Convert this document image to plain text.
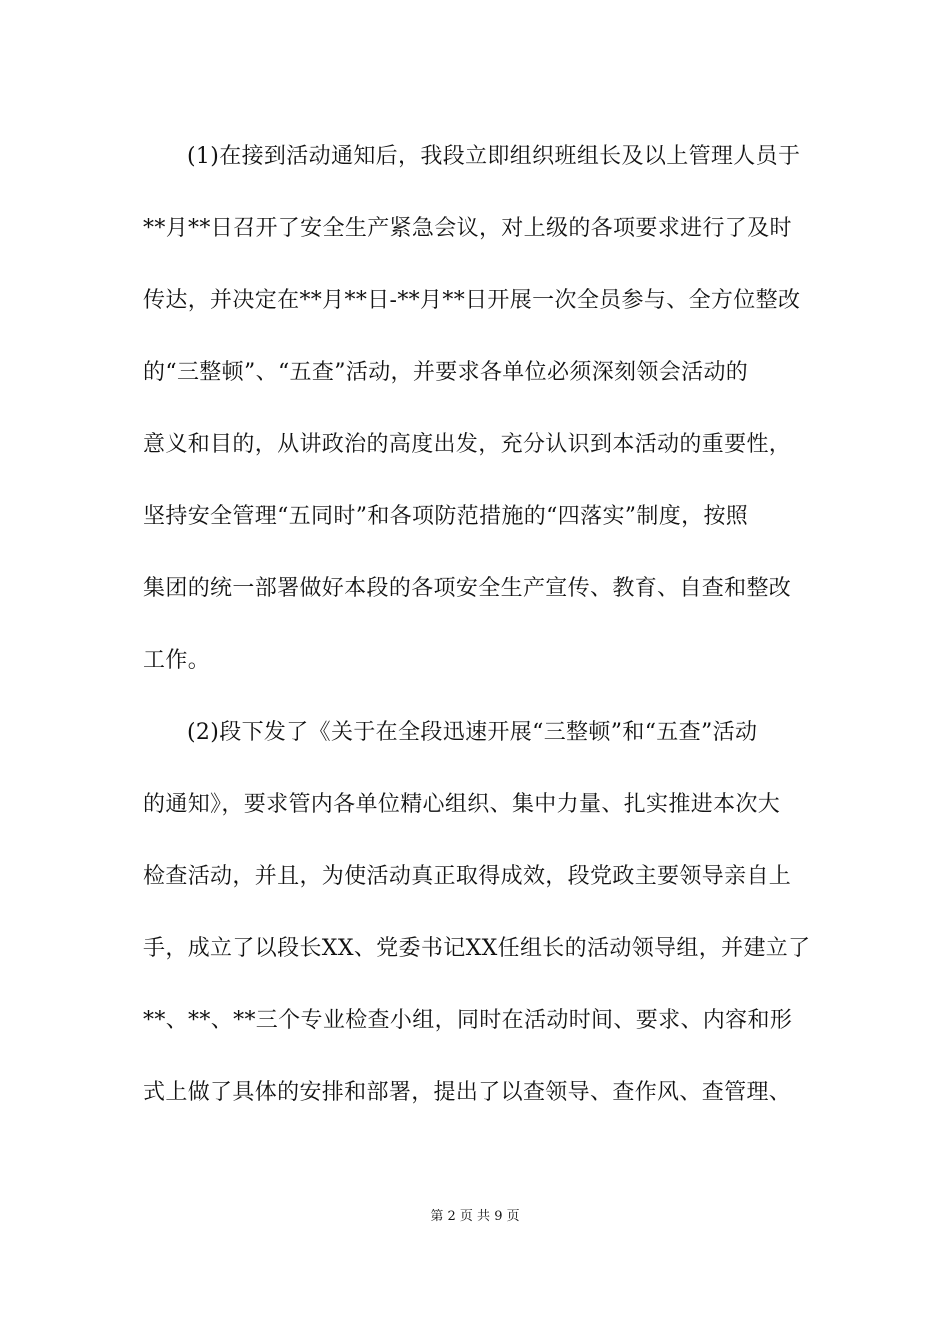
(1)在接到活动通知后，我段立即组织班组长及以上管理人员于
**月**日召开了安全生产紧急会议，对上级的各项要求进行了及时
传达，并决定在**月**日-**月**日开展一次全员参与、全方位整改
的“三整顿”、“五查”活动，并要求各单位必须深刻领会活动的
意义和目的，从讲政治的高度出发，充分认识到本活动的重要性，
坚持安全管理“五同时”和各项防范措施的“四落实”制度，按照
集团的统一部署做好本段的各项安全生产宣传、教育、自查和整改
工作。
(2)段下发了《关于在全段迅速开展“三整顿”和“五查”活动
的通知》，要求管内各单位精心组织、集中力量、扎实推进本次大
检查活动，并且，为使活动真正取得成效，段党政主要领导亲自上
手，成立了以段长XX、党委书记XX任组长的活动领导组，并建立了
**、**、**三个专业检查小组，同时在活动时间、要求、内容和形
式上做了具体的安排和部署，提出了以查领导、查作风、查管理、
第 2 页 共 9 页
